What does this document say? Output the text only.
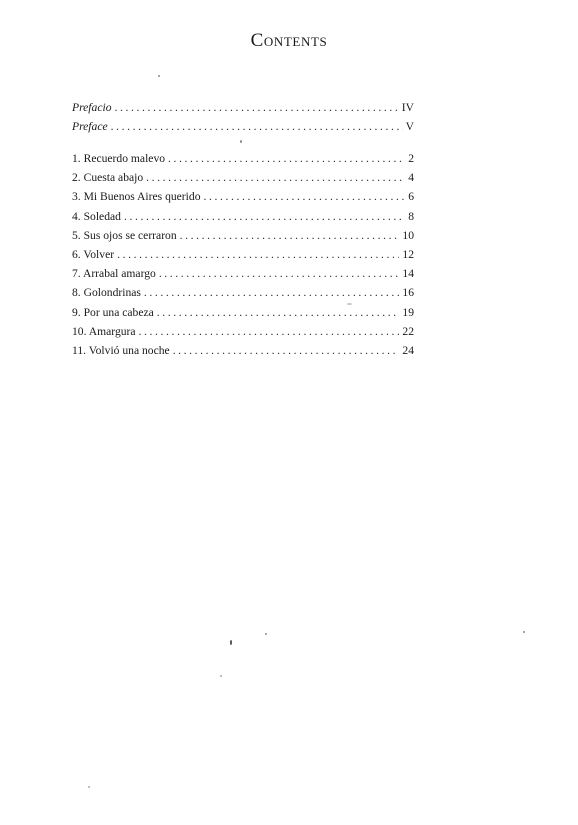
Contents
Prefacio .....	IV
Preface .....	V
1. Recuerdo malevo .....	2
2. Cuesta abajo .....	4
3. Mi Buenos Aires querido .....	6
4. Soledad .....	8
5. Sus ojos se cerraron .....	10
6. Volver .....	12
7. Arrabal amargo .....	14
8. Golondrinas .....	16
9. Por una cabeza .....	19
10. Amargura .....	22
11. Volvió una noche .....	24
